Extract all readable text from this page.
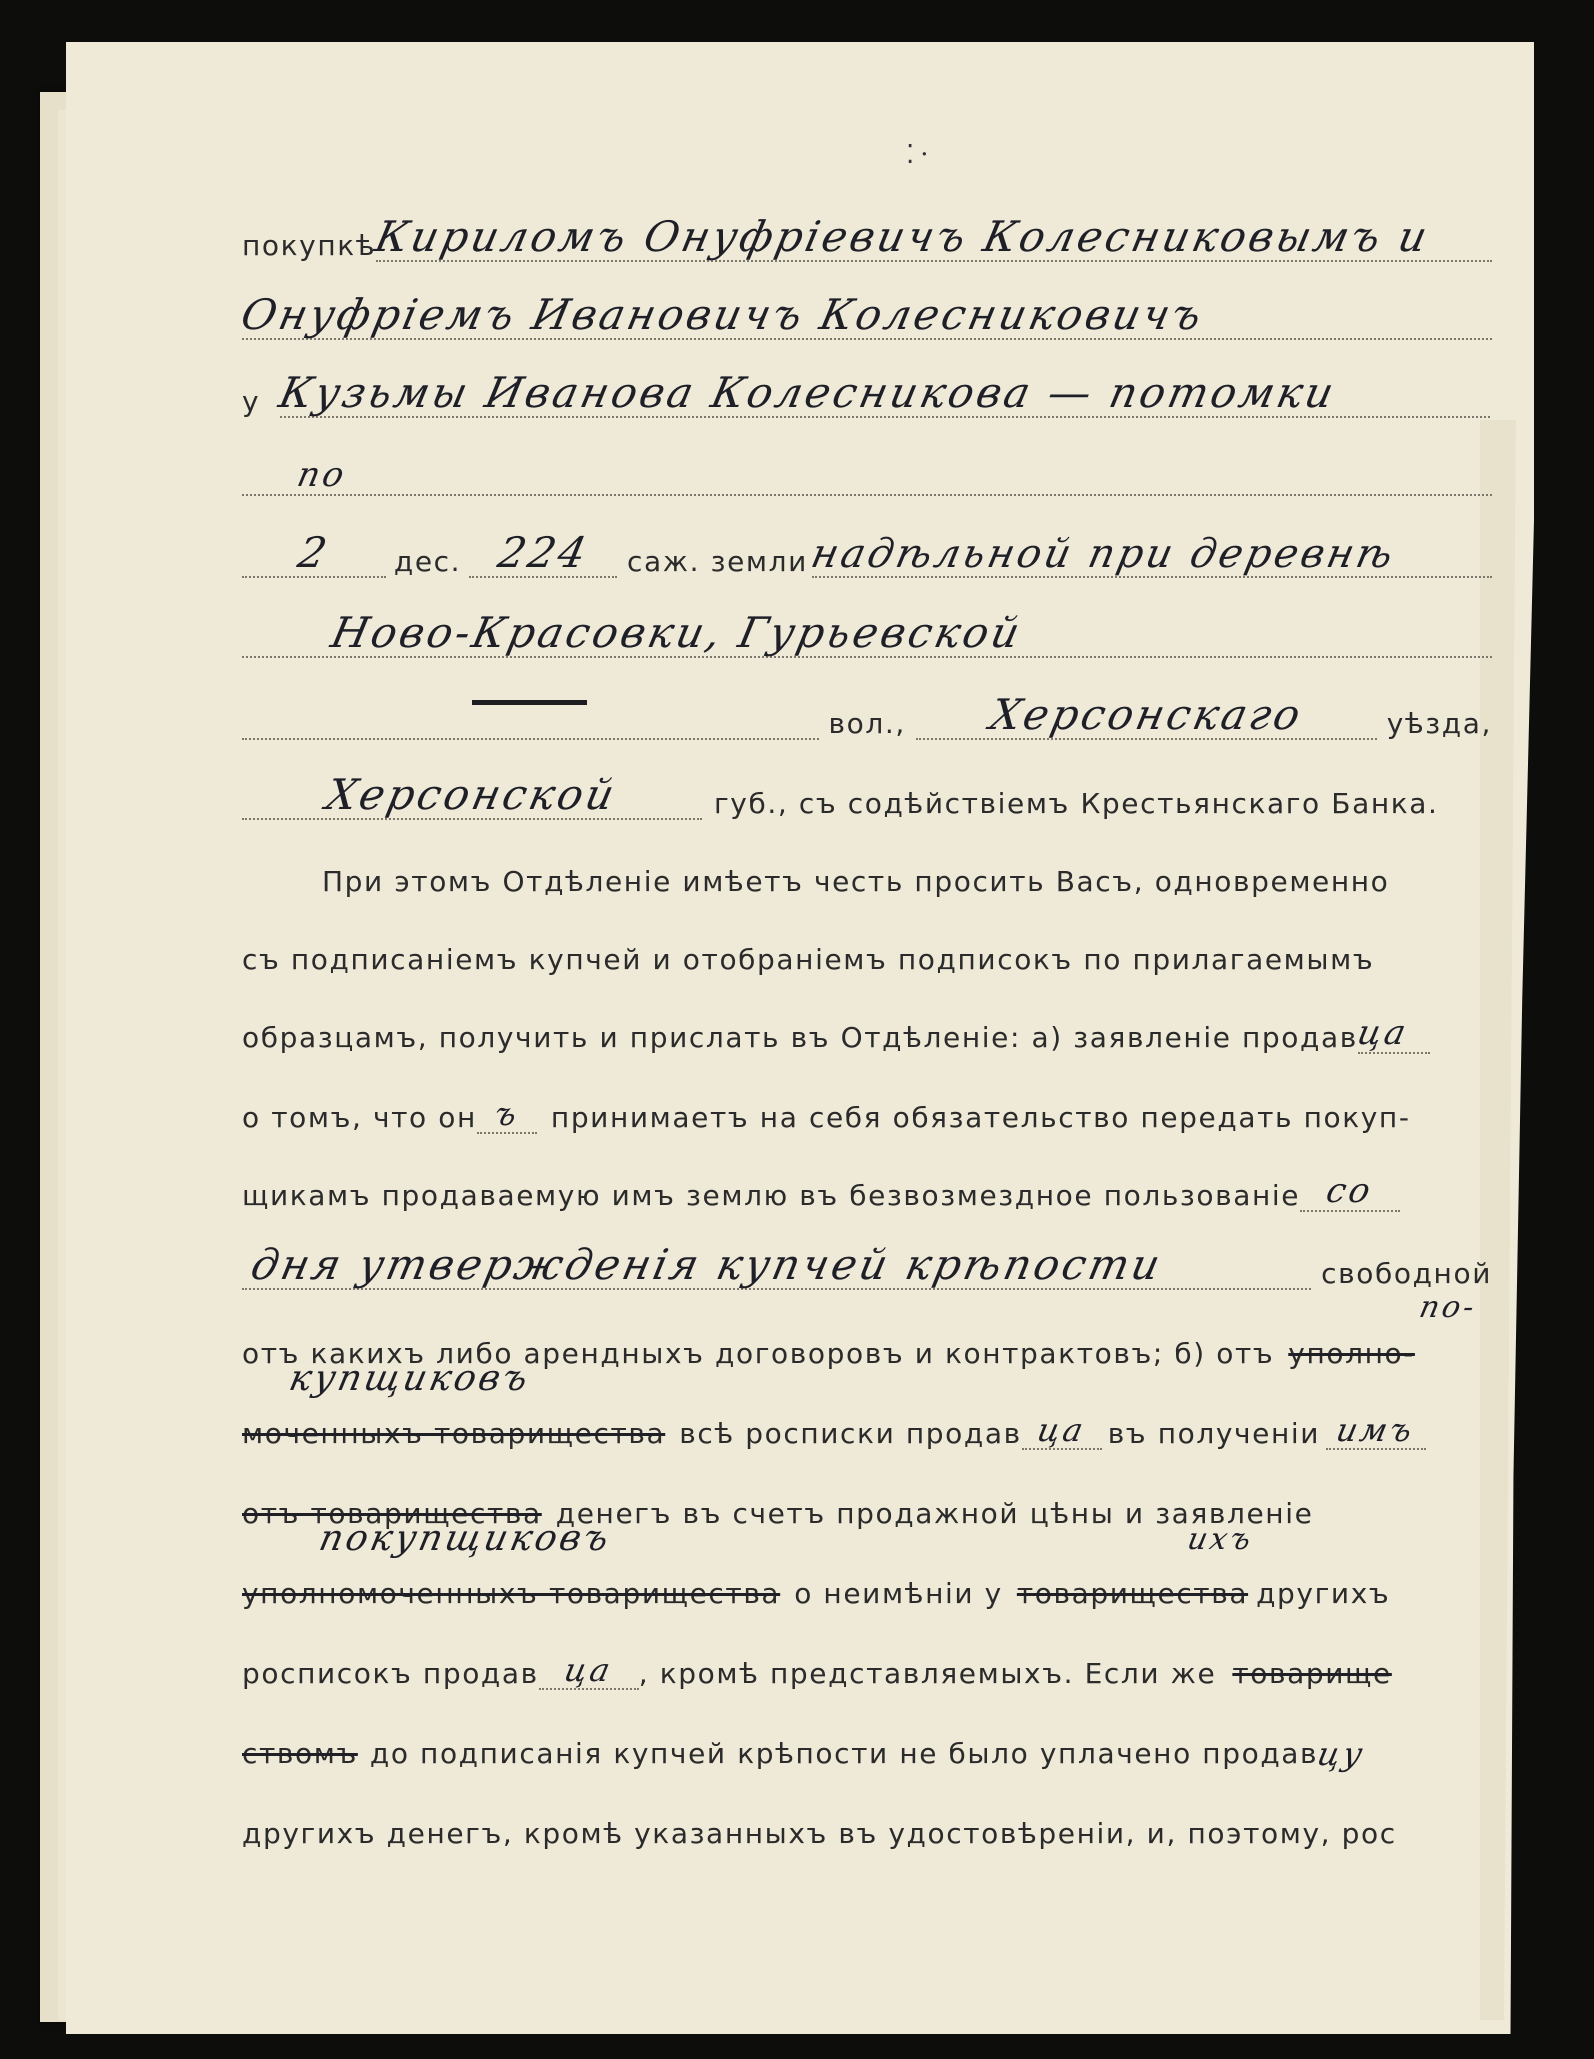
⁚·
покупкѣ
Кириломъ Онуфріевичъ Колесниковымъ и
Онуфріемъ Ивановичъ Колесниковичъ
у Кузьмы Иванова Колесникова — потомки
по
2 дес. 224 саж. земли надѣльной при деревнѣ
Ново-Красовки, Гурьевской
вол., Херсонскаго	уѣзда,
Херсонской	губ., съ содѣйствіемъ Крестьянскаго Банка.
При этомъ Отдѣленіе имѣетъ честь просить Васъ, одновременно
съ подписаніемъ купчей и отобраніемъ подписокъ по прилагаемымъ
образцамъ, получить и прислать въ Отдѣленіе: а) заявленіе продав
ца
о томъ, что он ъ принимаетъ на себя обязательство передать покуп-
щикамъ продаваемую имъ землю въ безвозмездное пользованіе со
дня утвержденія купчей крѣпости	свободной
по-
отъ какихъ либо арендныхъ договоровъ и контрактовъ; б) отъ уполно-
купщиковъ
моченныхъ товарищества всѣ росписки продав ца въ полученіи имъ
отъ товарищества денегъ въ счетъ продажной цѣны и заявленіе
покупщиковъ	ихъ
уполномоченныхъ товарищества о неимѣніи у товарищества другихъ
росписокъ продав ца , кромѣ представляемыхъ. Если же товарище
ствомъ до подписанія купчей крѣпости не было уплачено продав
цу
другихъ денегъ, кромѣ указанныхъ въ удостовѣреніи, и, поэтому, рос
